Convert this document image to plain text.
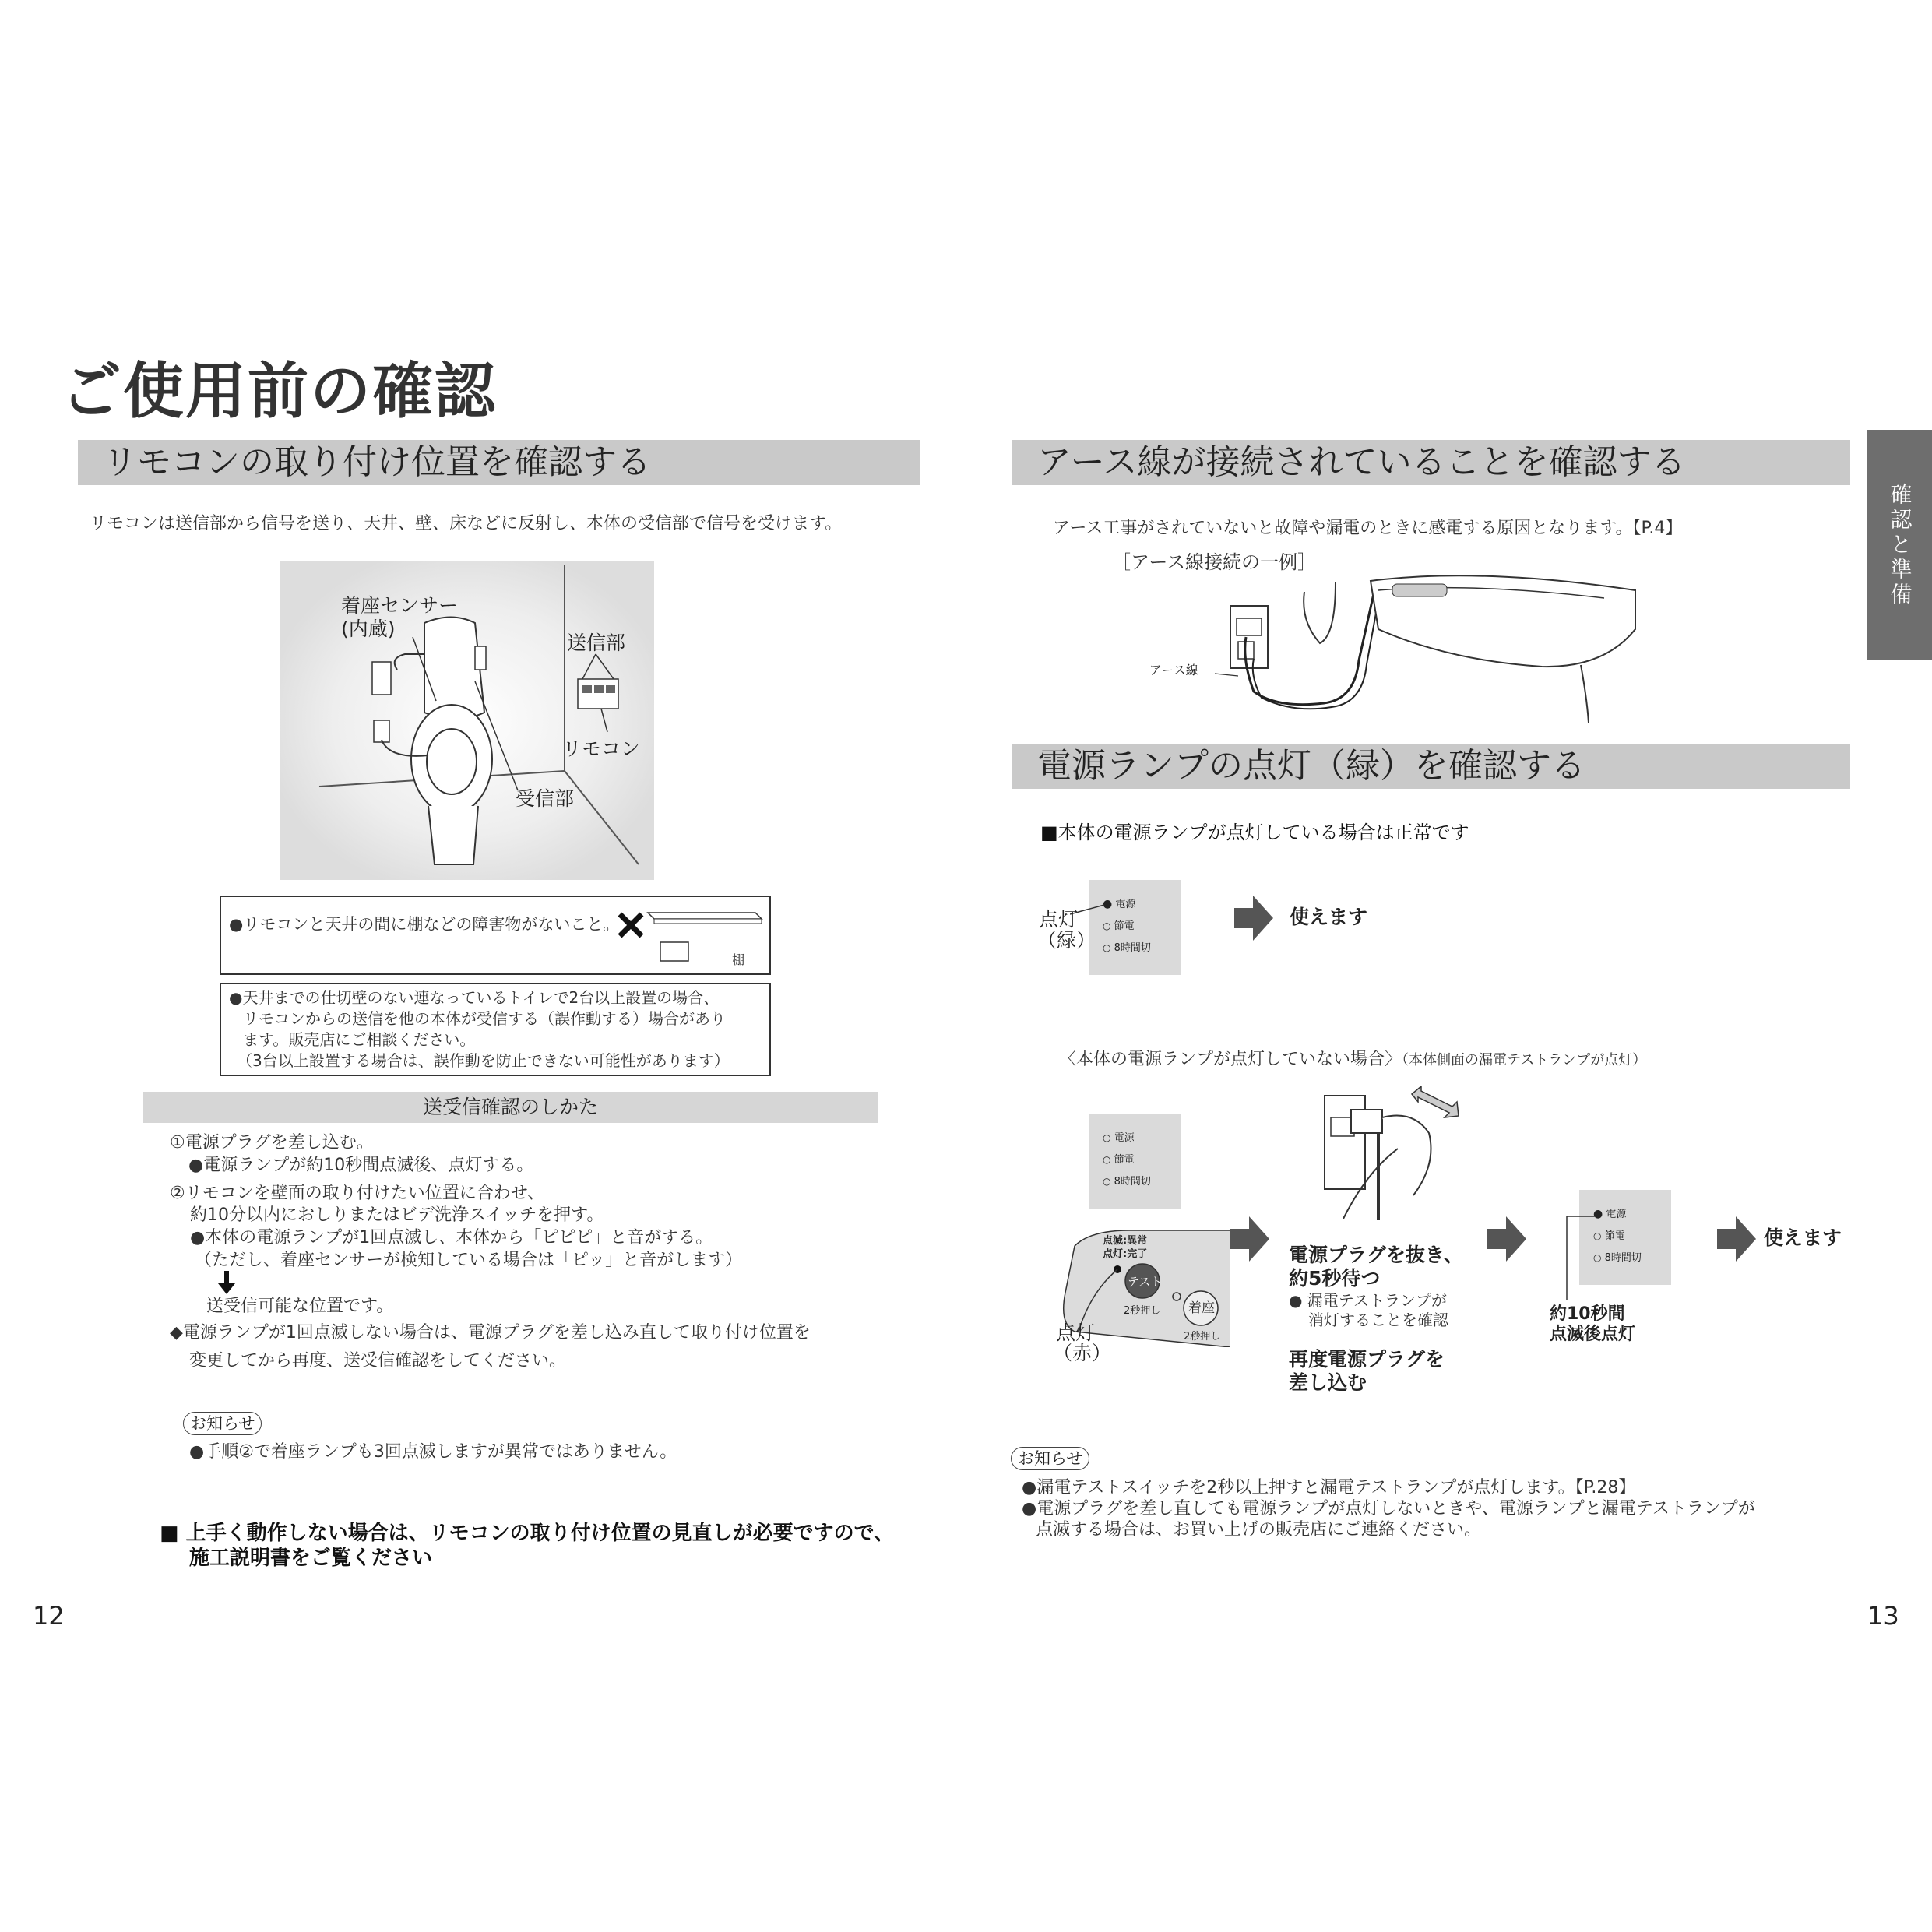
ご使用前の確認
確認と準備
リモコンの取り付け位置を確認する
リモコンは送信部から信号を送り、天井、壁、床などに反射し、本体の受信部で信号を受けます。
着座センサー
(内蔵)
送信部
リモコン
受信部
●リモコンと天井の間に棚などの障害物がないこと。
棚
●天井までの仕切壁のない連なっているトイレで2台以上設置の場合、
リモコンからの送信を他の本体が受信する（誤作動する）場合があり
ます。販売店にご相談ください。
（3台以上設置する場合は、誤作動を防止できない可能性があります）
送受信確認のしかた
①電源プラグを差し込む。
●電源ランプが約10秒間点滅後、点灯する。
②リモコンを壁面の取り付けたい位置に合わせ、
約10分以内におしりまたはビデ洗浄スイッチを押す。
●本体の電源ランプが1回点滅し、本体から「ピピピ」と音がする。
（ただし、着座センサーが検知している場合は「ピッ」と音がします）
送受信可能な位置です。
◆電源ランプが1回点滅しない場合は、電源プラグを差し込み直して取り付け位置を
変更してから再度、送受信確認をしてください。
お知らせ
●手順②で着座ランプも3回点滅しますが異常ではありません。
■ 上手く動作しない場合は、リモコンの取り付け位置の見直しが必要ですので、
施工説明書をご覧ください
12
アース線が接続されていることを確認する
アース工事がされていないと故障や漏電のときに感電する原因となります。【P.4】
［アース線接続の一例］
アース線
電源ランプの点灯（緑）を確認する
■本体の電源ランプが点灯している場合は正常です
● 電源
○ 節電
○ 8時間切
点灯
（緑）
使えます
〈本体の電源ランプが点灯していない場合〉（本体側面の漏電テストランプが点灯）
○ 電源
○ 節電
○ 8時間切
点滅:異常
点灯:完了
テスト
2秒押し 着座
2秒押し
点灯
（赤）
電源プラグを抜き、
約5秒待つ
● 漏電テストランプが
消灯することを確認
再度電源プラグを
差し込む
● 電源
○ 節電
○ 8時間切
約10秒間
点滅後点灯
使えます
お知らせ
●漏電テストスイッチを2秒以上押すと漏電テストランプが点灯します。【P.28】
●電源プラグを差し直しても電源ランプが点灯しないときや、電源ランプと漏電テストランプが
点滅する場合は、お買い上げの販売店にご連絡ください。
13
